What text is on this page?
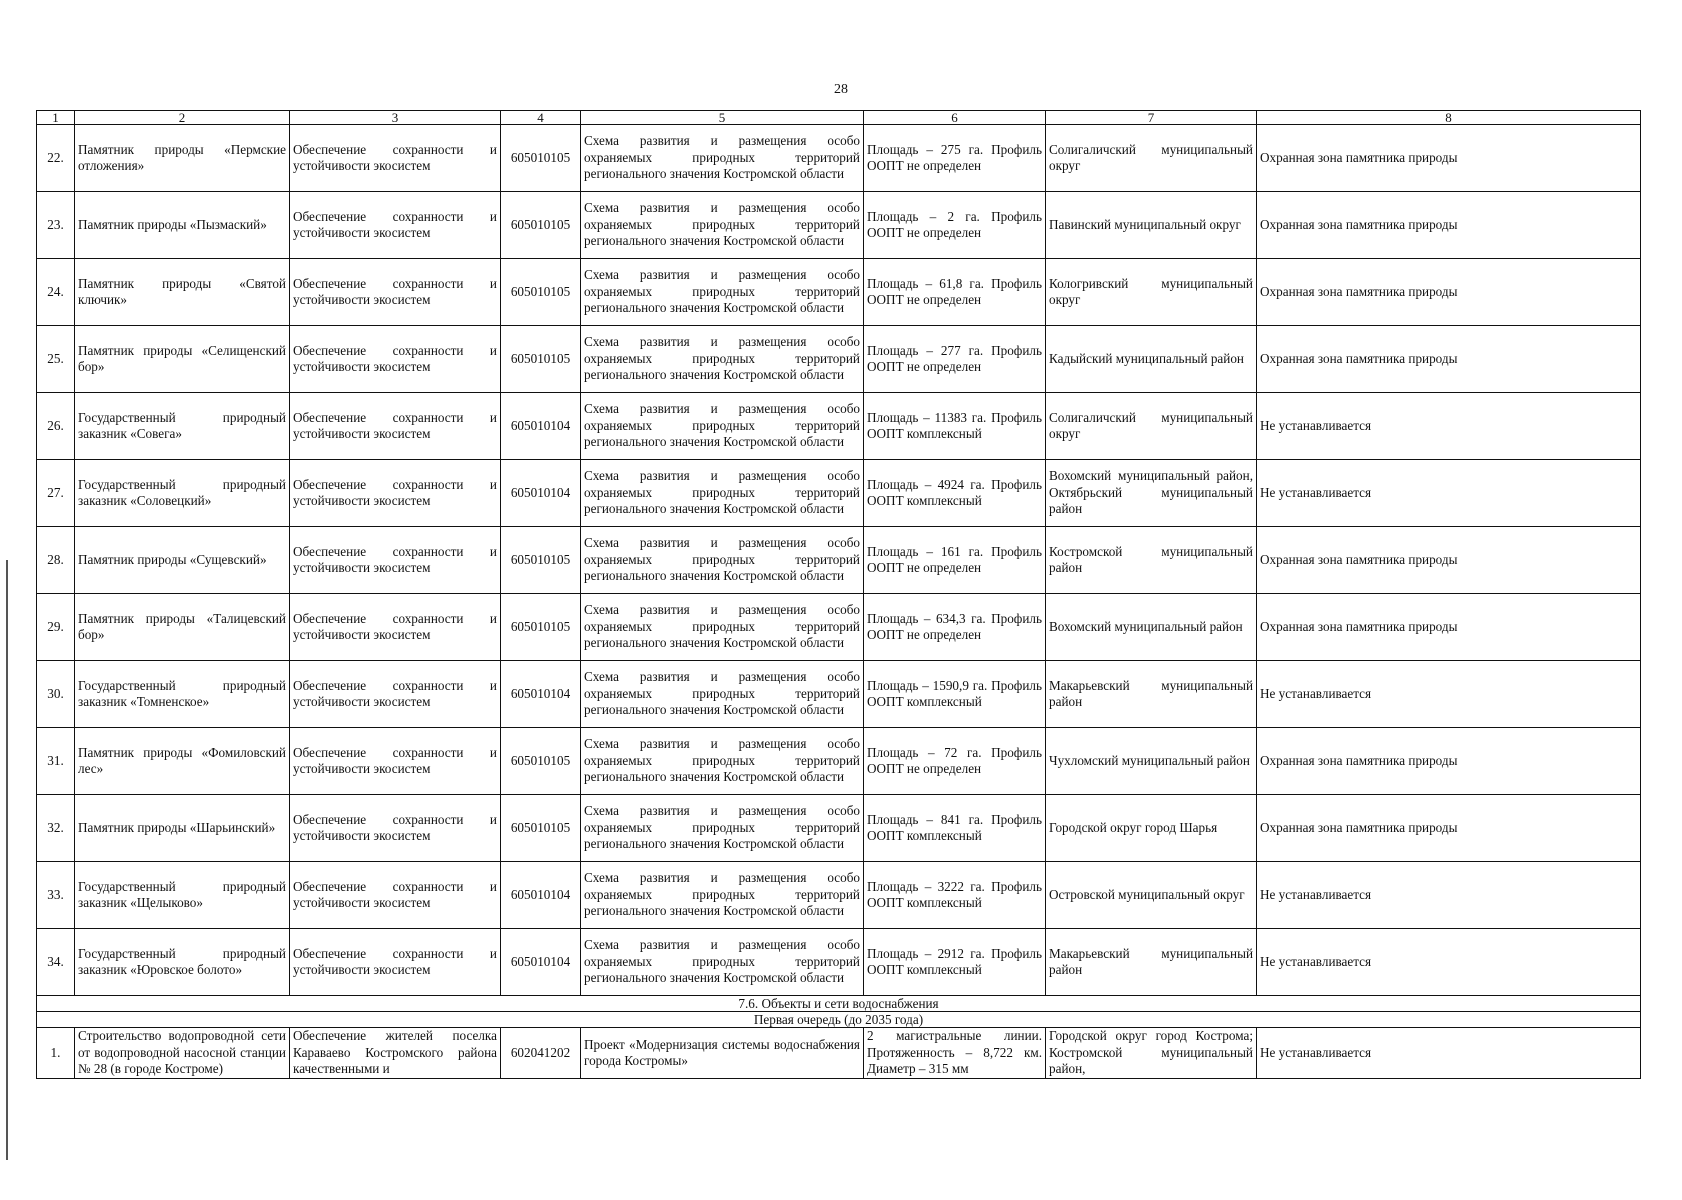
28
1	2	3	4	5	6	7	8
22.	Памятник природы «Пермские отложения»	Обеспечение сохранности и устойчивости экосистем	605010105	Схема развития и размещения особо охраняемых природных территорий регионального значения Костромской области	Площадь – 275 га. Профиль ООПТ не определен	Солигаличский муниципальный округ	Охранная зона памятника природы
23.	Памятник природы «Пызмаский»	Обеспечение сохранности и устойчивости экосистем	605010105	Схема развития и размещения особо охраняемых природных территорий регионального значения Костромской области	Площадь – 2 га. Профиль ООПТ не определен	Павинский муниципальный округ	Охранная зона памятника природы
24.	Памятник природы «Святой ключик»	Обеспечение сохранности и устойчивости экосистем	605010105	Схема развития и размещения особо охраняемых природных территорий регионального значения Костромской области	Площадь – 61,8 га. Профиль ООПТ не определен	Кологривский муниципальный округ	Охранная зона памятника природы
25.	Памятник природы «Селищенский бор»	Обеспечение сохранности и устойчивости экосистем	605010105	Схема развития и размещения особо охраняемых природных территорий регионального значения Костромской области	Площадь – 277 га. Профиль ООПТ не определен	Кадыйский муниципальный район	Охранная зона памятника природы
26.	Государственный природный заказник «Совега»	Обеспечение сохранности и устойчивости экосистем	605010104	Схема развития и размещения особо охраняемых природных территорий регионального значения Костромской области	Площадь – 11383 га. Профиль ООПТ комплексный	Солигаличский муниципальный округ	Не устанавливается
27.	Государственный природный заказник «Соловецкий»	Обеспечение сохранности и устойчивости экосистем	605010104	Схема развития и размещения особо охраняемых природных территорий регионального значения Костромской области	Площадь – 4924 га. Профиль ООПТ комплексный	Вохомский муниципальный район, Октябрьский муниципальный район	Не устанавливается
28.	Памятник природы «Сущевский»	Обеспечение сохранности и устойчивости экосистем	605010105	Схема развития и размещения особо охраняемых природных территорий регионального значения Костромской области	Площадь – 161 га. Профиль ООПТ не определен	Костромской муниципальный район	Охранная зона памятника природы
29.	Памятник природы «Талицевский бор»	Обеспечение сохранности и устойчивости экосистем	605010105	Схема развития и размещения особо охраняемых природных территорий регионального значения Костромской области	Площадь – 634,3 га. Профиль ООПТ не определен	Вохомский муниципальный район	Охранная зона памятника природы
30.	Государственный природный заказник «Томненское»	Обеспечение сохранности и устойчивости экосистем	605010104	Схема развития и размещения особо охраняемых природных территорий регионального значения Костромской области	Площадь – 1590,9 га. Профиль ООПТ комплексный	Макарьевский муниципальный район	Не устанавливается
31.	Памятник природы «Фомиловский лес»	Обеспечение сохранности и устойчивости экосистем	605010105	Схема развития и размещения особо охраняемых природных территорий регионального значения Костромской области	Площадь – 72 га. Профиль ООПТ не определен	Чухломский муниципальный район	Охранная зона памятника природы
32.	Памятник природы «Шарьинский»	Обеспечение сохранности и устойчивости экосистем	605010105	Схема развития и размещения особо охраняемых природных территорий регионального значения Костромской области	Площадь – 841 га. Профиль ООПТ комплексный	Городской округ город Шарья	Охранная зона памятника природы
33.	Государственный природный заказник «Щелыково»	Обеспечение сохранности и устойчивости экосистем	605010104	Схема развития и размещения особо охраняемых природных территорий регионального значения Костромской области	Площадь – 3222 га. Профиль ООПТ комплексный	Островской муниципальный округ	Не устанавливается
34.	Государственный природный заказник «Юровское болото»	Обеспечение сохранности и устойчивости экосистем	605010104	Схема развития и размещения особо охраняемых природных территорий регионального значения Костромской области	Площадь – 2912 га. Профиль ООПТ комплексный	Макарьевский муниципальный район	Не устанавливается
7.6. Объекты и сети водоснабжения							
Первая очередь (до 2035 года)							
1.	Строительство водопроводной сети от водопроводной насосной станции № 28 (в городе Костроме)	Обеспечение жителей поселка Караваево Костромского района качественными и	602041202	Проект «Модернизация системы водоснабжения города Костромы»	2 магистральные линии. Протяженность – 8,722 км. Диаметр – 315 мм	Городской округ город Кострома; Костромской муниципальный район,	Не устанавливается
